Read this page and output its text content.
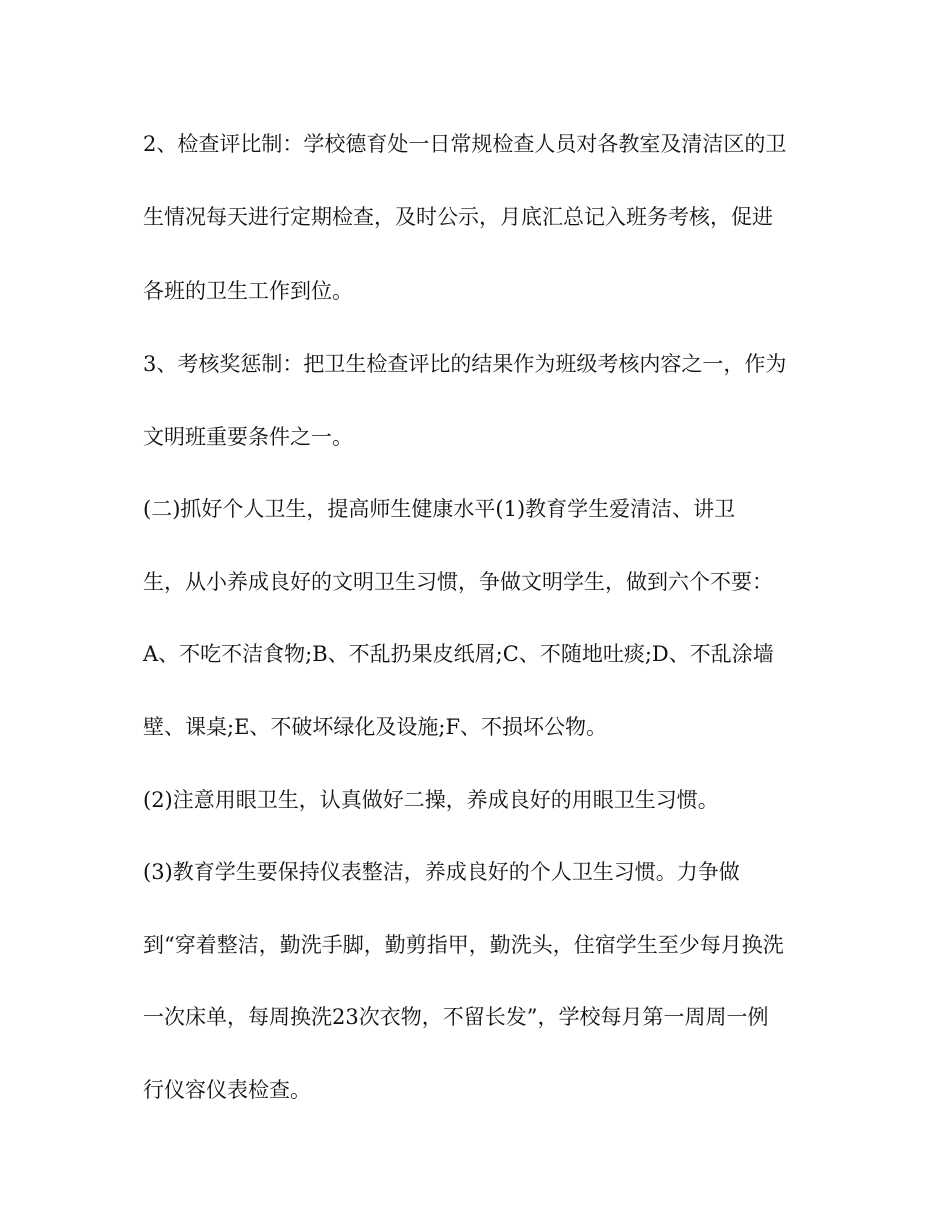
2、检查评比制：学校德育处一日常规检查人员对各教室及清洁区的卫

生情况每天进行定期检查，及时公示，月底汇总记入班务考核，促进

各班的卫生工作到位。

3、考核奖惩制：把卫生检查评比的结果作为班级考核内容之一，作为

文明班重要条件之一。

(二)抓好个人卫生，提高师生健康水平(1)教育学生爱清洁、讲卫

生，从小养成良好的文明卫生习惯，争做文明学生，做到六个不要：

A、不吃不洁食物;B、不乱扔果皮纸屑;C、不随地吐痰;D、不乱涂墙

壁、课桌;E、不破坏绿化及设施;F、不损坏公物。

(2)注意用眼卫生，认真做好二操，养成良好的用眼卫生习惯。

(3)教育学生要保持仪表整洁，养成良好的个人卫生习惯。力争做

到“穿着整洁，勤洗手脚，勤剪指甲，勤洗头，住宿学生至少每月换洗

一次床单，每周换洗23次衣物，不留长发”，学校每月第一周周一例

行仪容仪表检查。
